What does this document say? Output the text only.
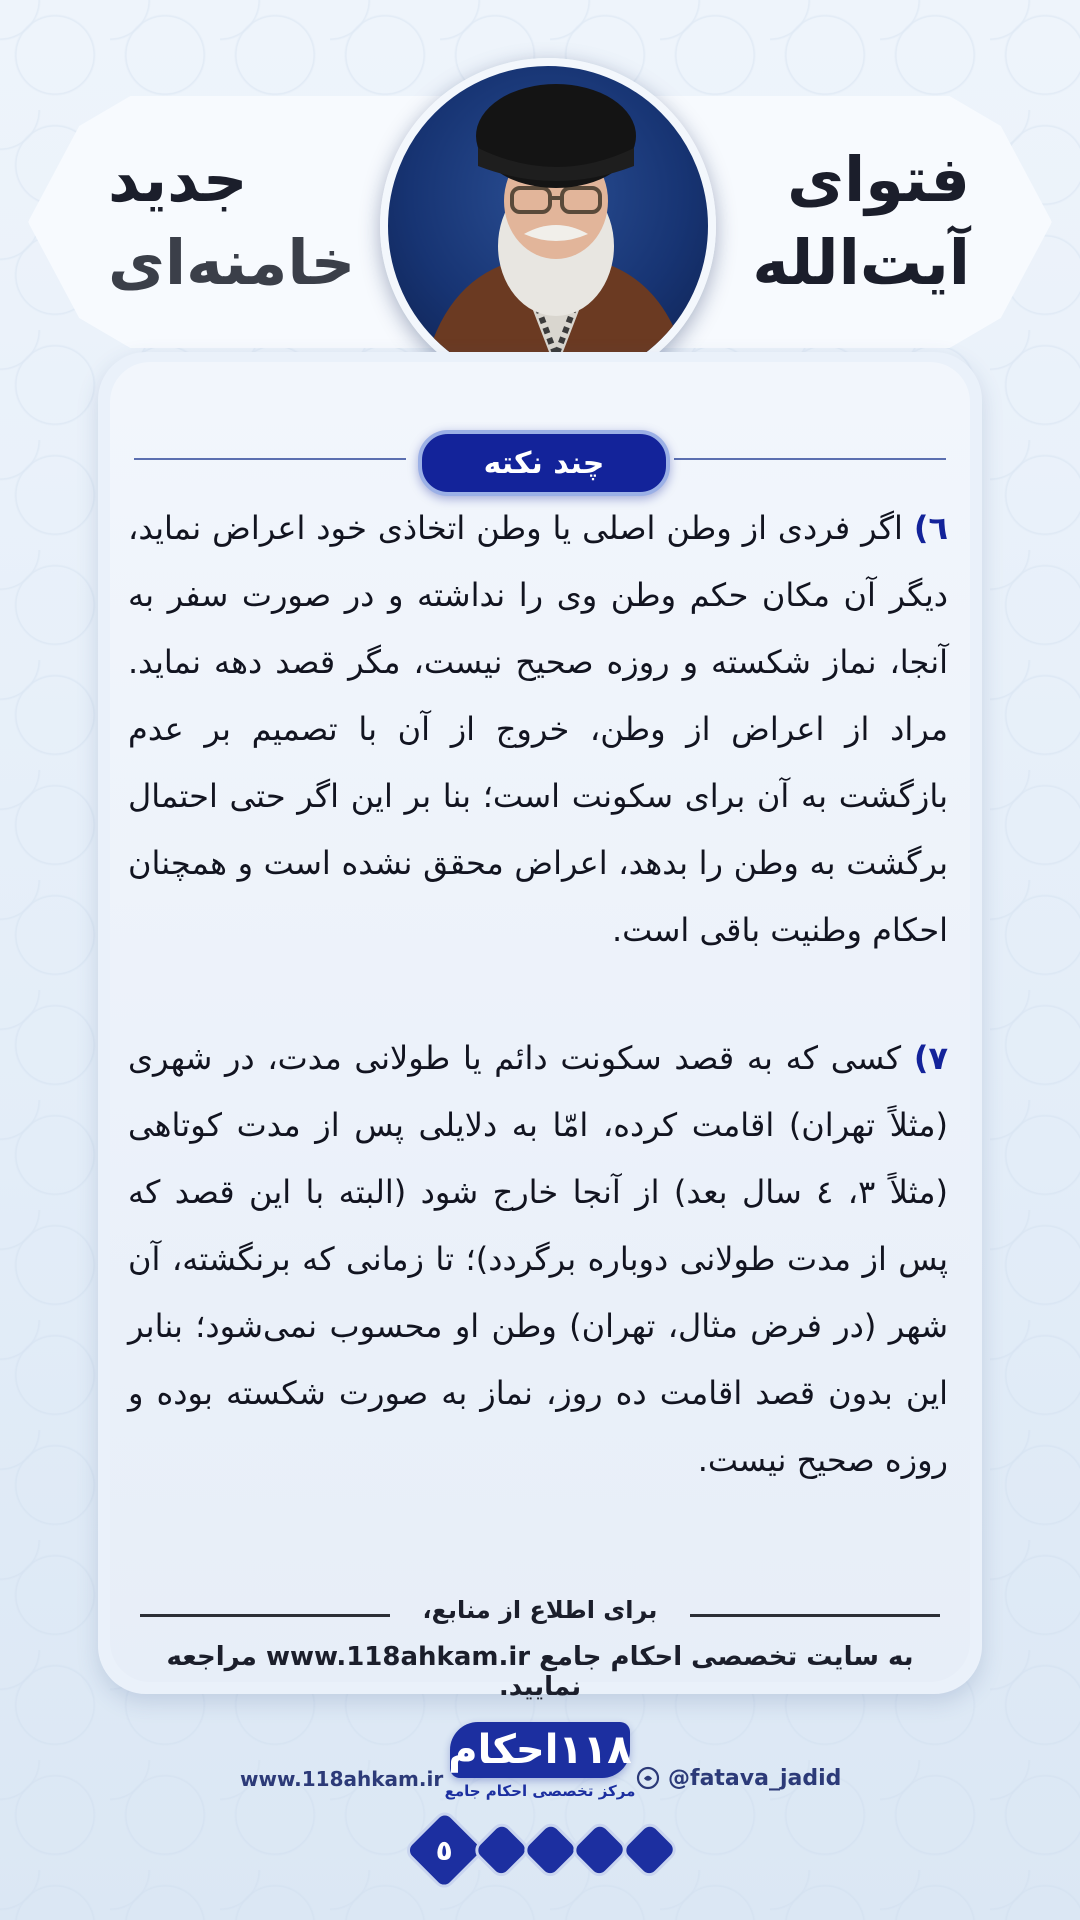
فتوای
آیت‌الله
جدید
خامنه‌ای
چند نکته
٦) اگر فردی از وطن اصلی یا وطن اتخاذی خود اعراض نماید، دیگر آن مکان حکم وطن وی را نداشته و در صورت سفر به آنجا، نماز شکسته و روزه صحیح نیست، مگر قصد دهه نماید. مراد از اعراض از وطن، خروج از آن با تصمیم بر عدم بازگشت به آن برای سکونت است؛ بنا بر این اگر حتی احتمال برگشت به وطن را بدهد، اعراض محقق نشده است و همچنان احکام وطنیت باقی است.
٧) کسی که به قصد سکونت دائم یا طولانی مدت، در شهری (مثلاً تهران) اقامت کرده، امّا به دلایلی پس از مدت کوتاهی (مثلاً ۳، ٤ سال بعد) از آنجا خارج شود (البته با این قصد که پس از مدت طولانی دوباره برگردد)؛ تا زمانی که برنگشته، آن شهر (در فرض مثال، تهران) وطن او محسوب نمی‌شود؛ بنابر این بدون قصد اقامت ده روز، نماز به صورت شکسته بوده و روزه صحیح نیست.
برای اطلاع از منابع،
به سایت تخصصی احکام جامع www.118ahkam.ir مراجعه نمایید.
۱۱۸احکام
مرکز تخصصی احکام جامع
www.118ahkam.ir	@fatava_jadid
٥
